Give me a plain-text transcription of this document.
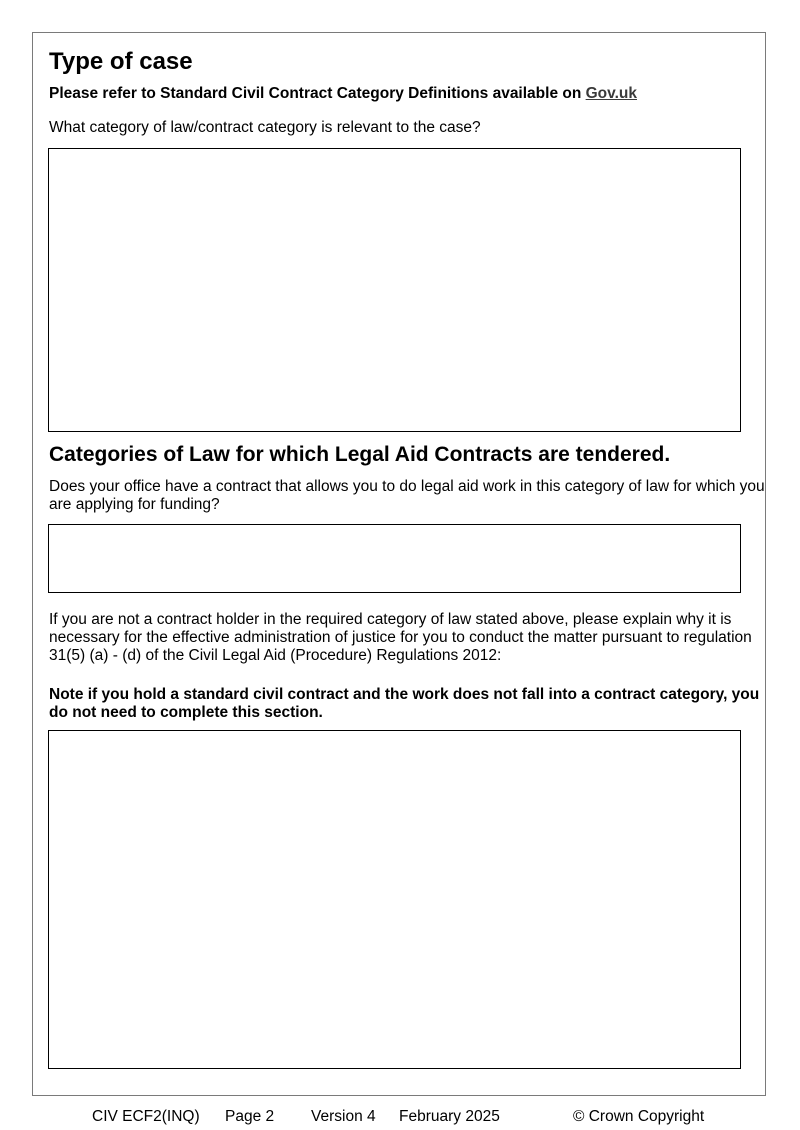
Type of case
Please refer to Standard Civil Contract Category Definitions available on Gov.uk
What category of law/contract category is relevant to the case?
Categories of Law for which Legal Aid Contracts are tendered.
Does your office have a contract that allows you to do legal aid work in this category of law for which you are applying for funding?
If you are not a contract holder in the required category of law stated above, please explain why it is necessary for the effective administration of justice for you to conduct the matter pursuant to regulation 31(5) (a) - (d) of the Civil Legal Aid (Procedure) Regulations 2012:
Note if you hold a standard civil contract and the work does not fall into a contract category, you do not need to complete this section.
CIV ECF2(INQ) Page 2 Version 4 February 2025	© Crown Copyright
